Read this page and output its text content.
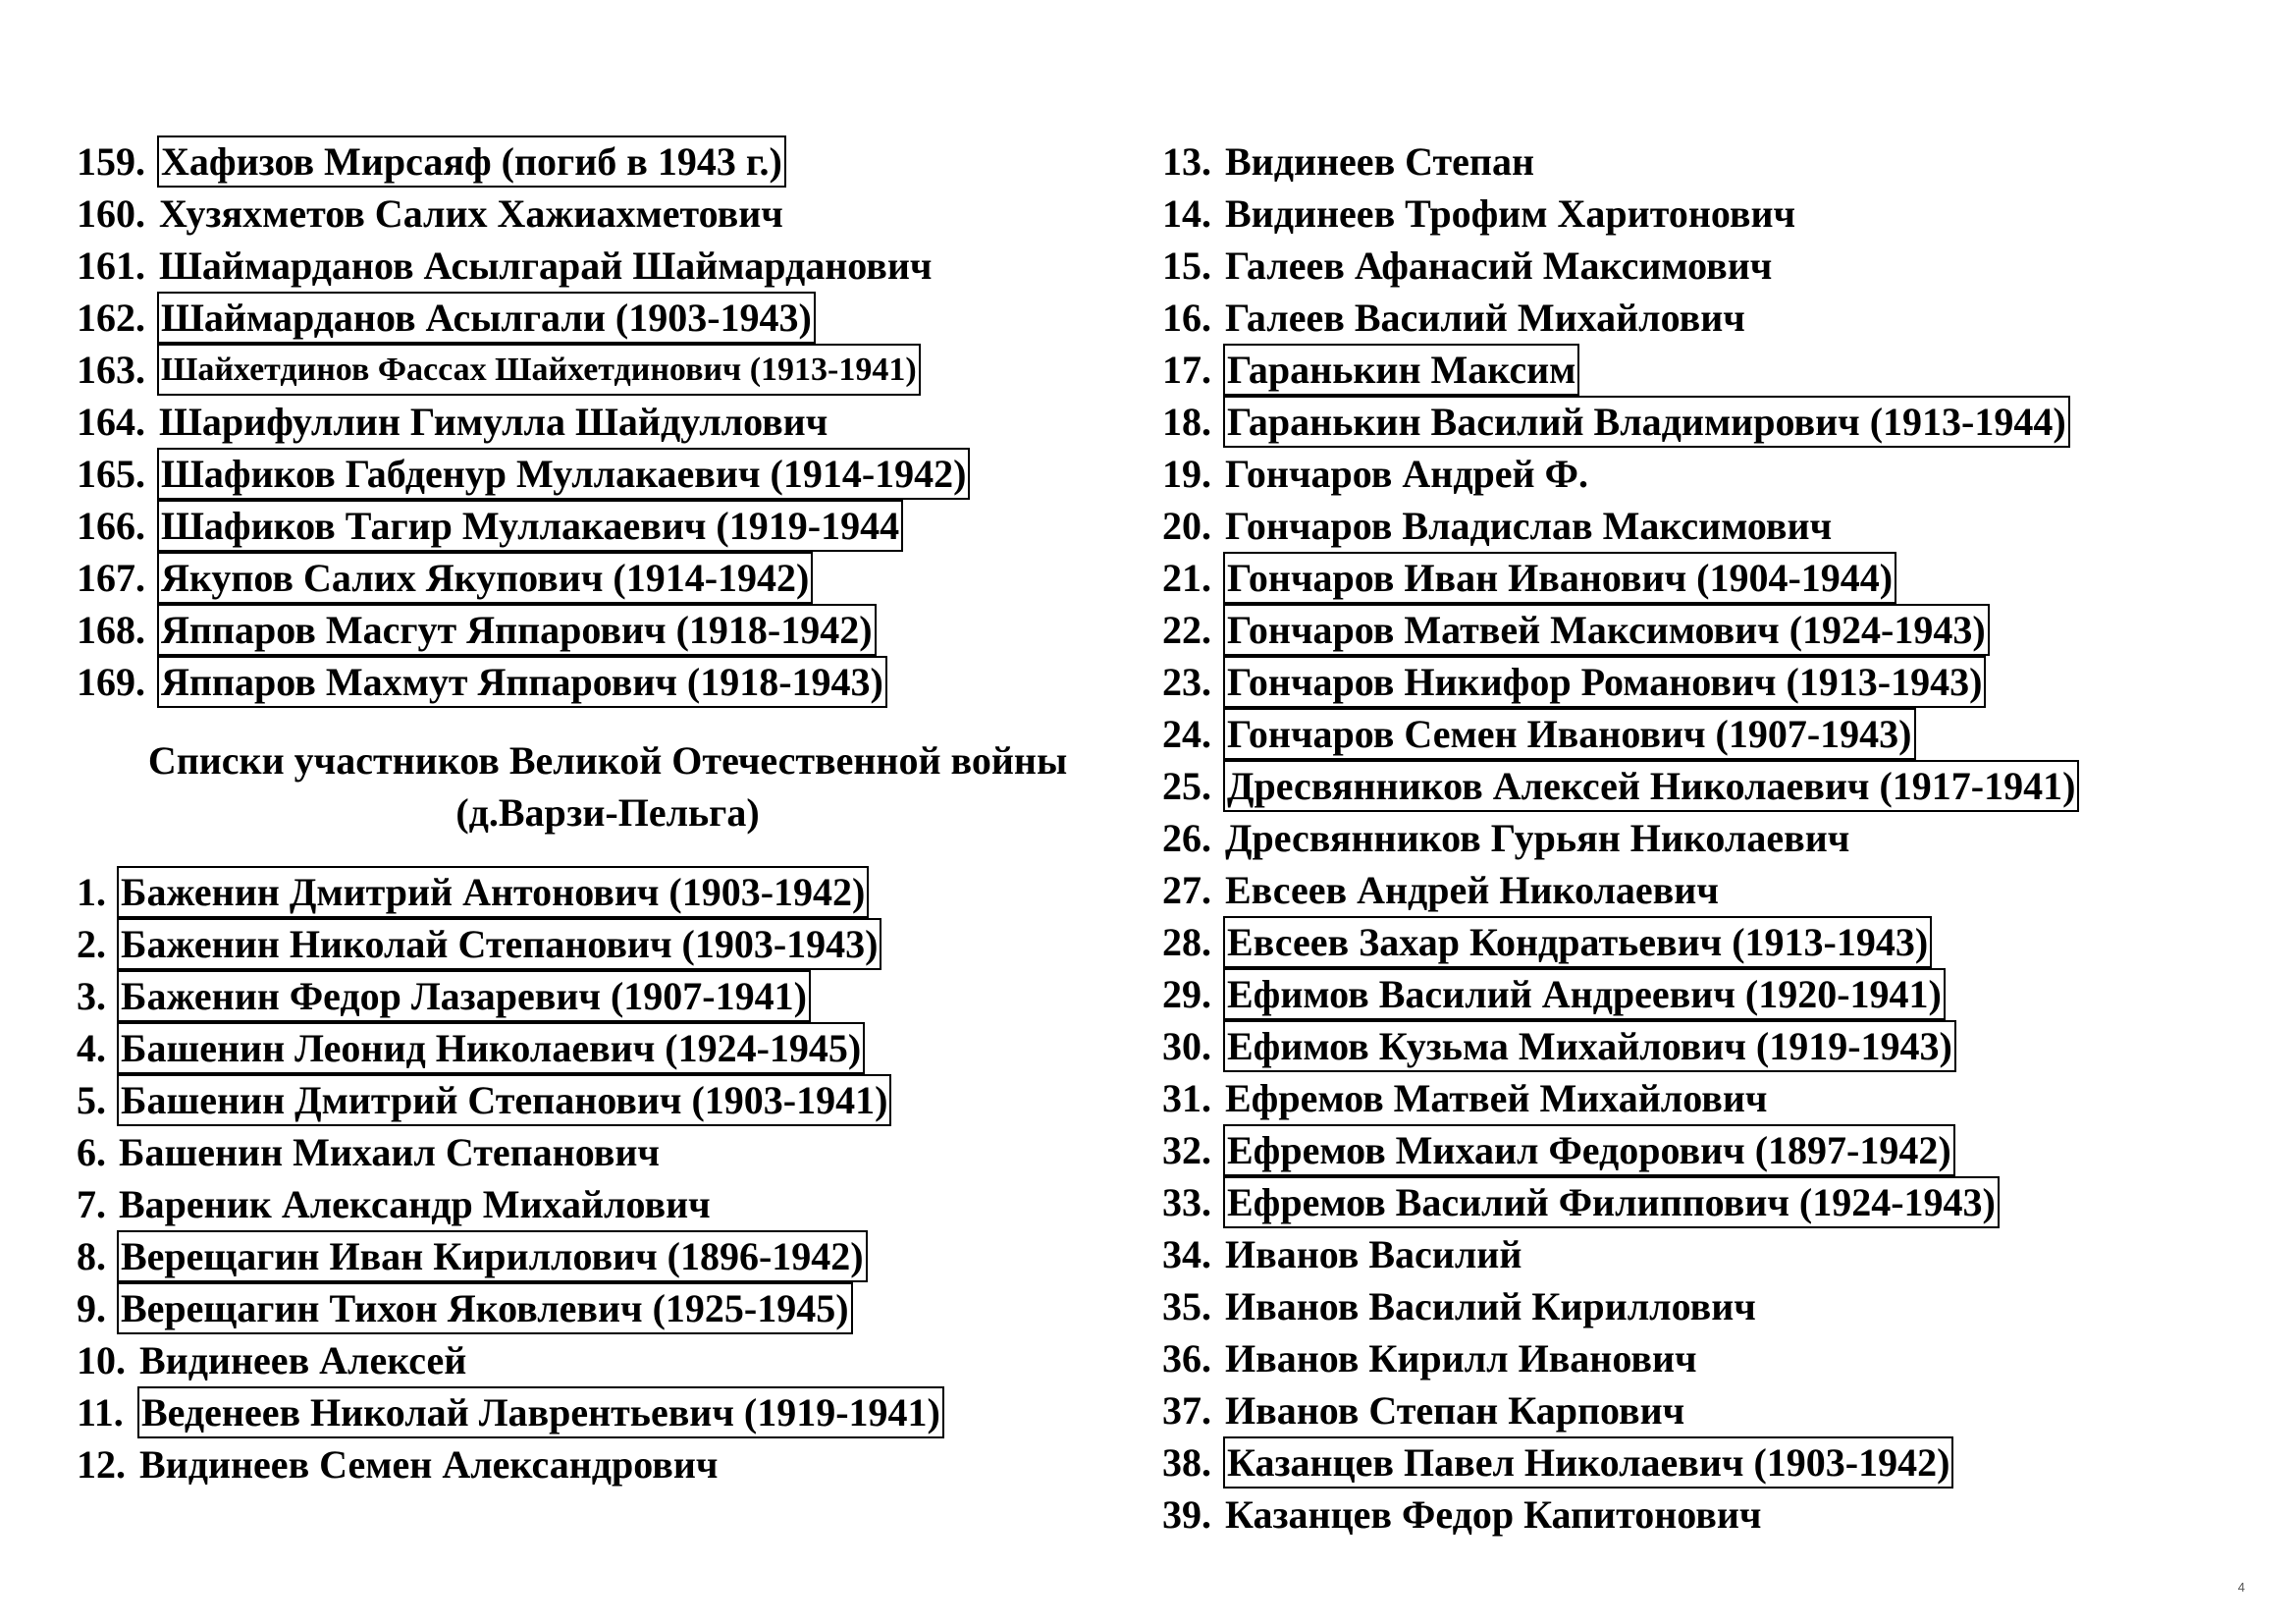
159. Хафизов Мирсаяф (погиб в 1943 г.)
160. Хузяхметов Салих Хажиахметович
161. Шаймарданов Асылгарай Шаймарданович
162. Шаймарданов Асылгали (1903-1943)
163. Шайхетдинов Фассах Шайхетдинович (1913-1941)
164. Шарифуллин Гимулла Шайдуллович
165. Шафиков Габденур Муллакаевич (1914-1942)
166. Шафиков Тагир Муллакаевич (1919-1944
167. Якупов Салих Якупович (1914-1942)
168. Яппаров Масгут Яппарович (1918-1942)
169. Яппаров Махмут Яппарович (1918-1943)
Списки участников Великой Отечественной войны
(д.Варзи-Пельга)
1. Баженин Дмитрий Антонович (1903-1942)
2. Баженин Николай Степанович (1903-1943)
3. Баженин Федор Лазаревич (1907-1941)
4. Башенин Леонид Николаевич (1924-1945)
5. Башенин Дмитрий Степанович (1903-1941)
6. Башенин Михаил Степанович
7. Вареник Александр Михайлович
8. Верещагин Иван Кириллович (1896-1942)
9. Верещагин Тихон Яковлевич (1925-1945)
10. Видинеев Алексей
11. Веденеев Николай Лаврентьевич (1919-1941)
12. Видинеев Семен Александрович
13. Видинеев Степан
14. Видинеев Трофим Харитонович
15. Галеев Афанасий Максимович
16. Галеев Василий Михайлович
17. Гаранькин Максим
18. Гаранькин Василий Владимирович (1913-1944)
19. Гончаров Андрей Ф.
20. Гончаров Владислав Максимович
21. Гончаров Иван Иванович (1904-1944)
22. Гончаров Матвей Максимович (1924-1943)
23. Гончаров Никифор Романович (1913-1943)
24. Гончаров Семен Иванович (1907-1943)
25. Дресвянников Алексей Николаевич (1917-1941)
26. Дресвянников Гурьян Николаевич
27. Евсеев Андрей Николаевич
28. Евсеев Захар Кондратьевич (1913-1943)
29. Ефимов Василий Андреевич (1920-1941)
30. Ефимов Кузьма Михайлович (1919-1943)
31. Ефремов Матвей Михайлович
32. Ефремов Михаил Федорович (1897-1942)
33. Ефремов Василий Филиппович (1924-1943)
34. Иванов Василий
35. Иванов Василий Кириллович
36. Иванов Кирилл Иванович
37. Иванов Степан Карпович
38. Казанцев Павел Николаевич (1903-1942)
39. Казанцев Федор Капитонович
4
